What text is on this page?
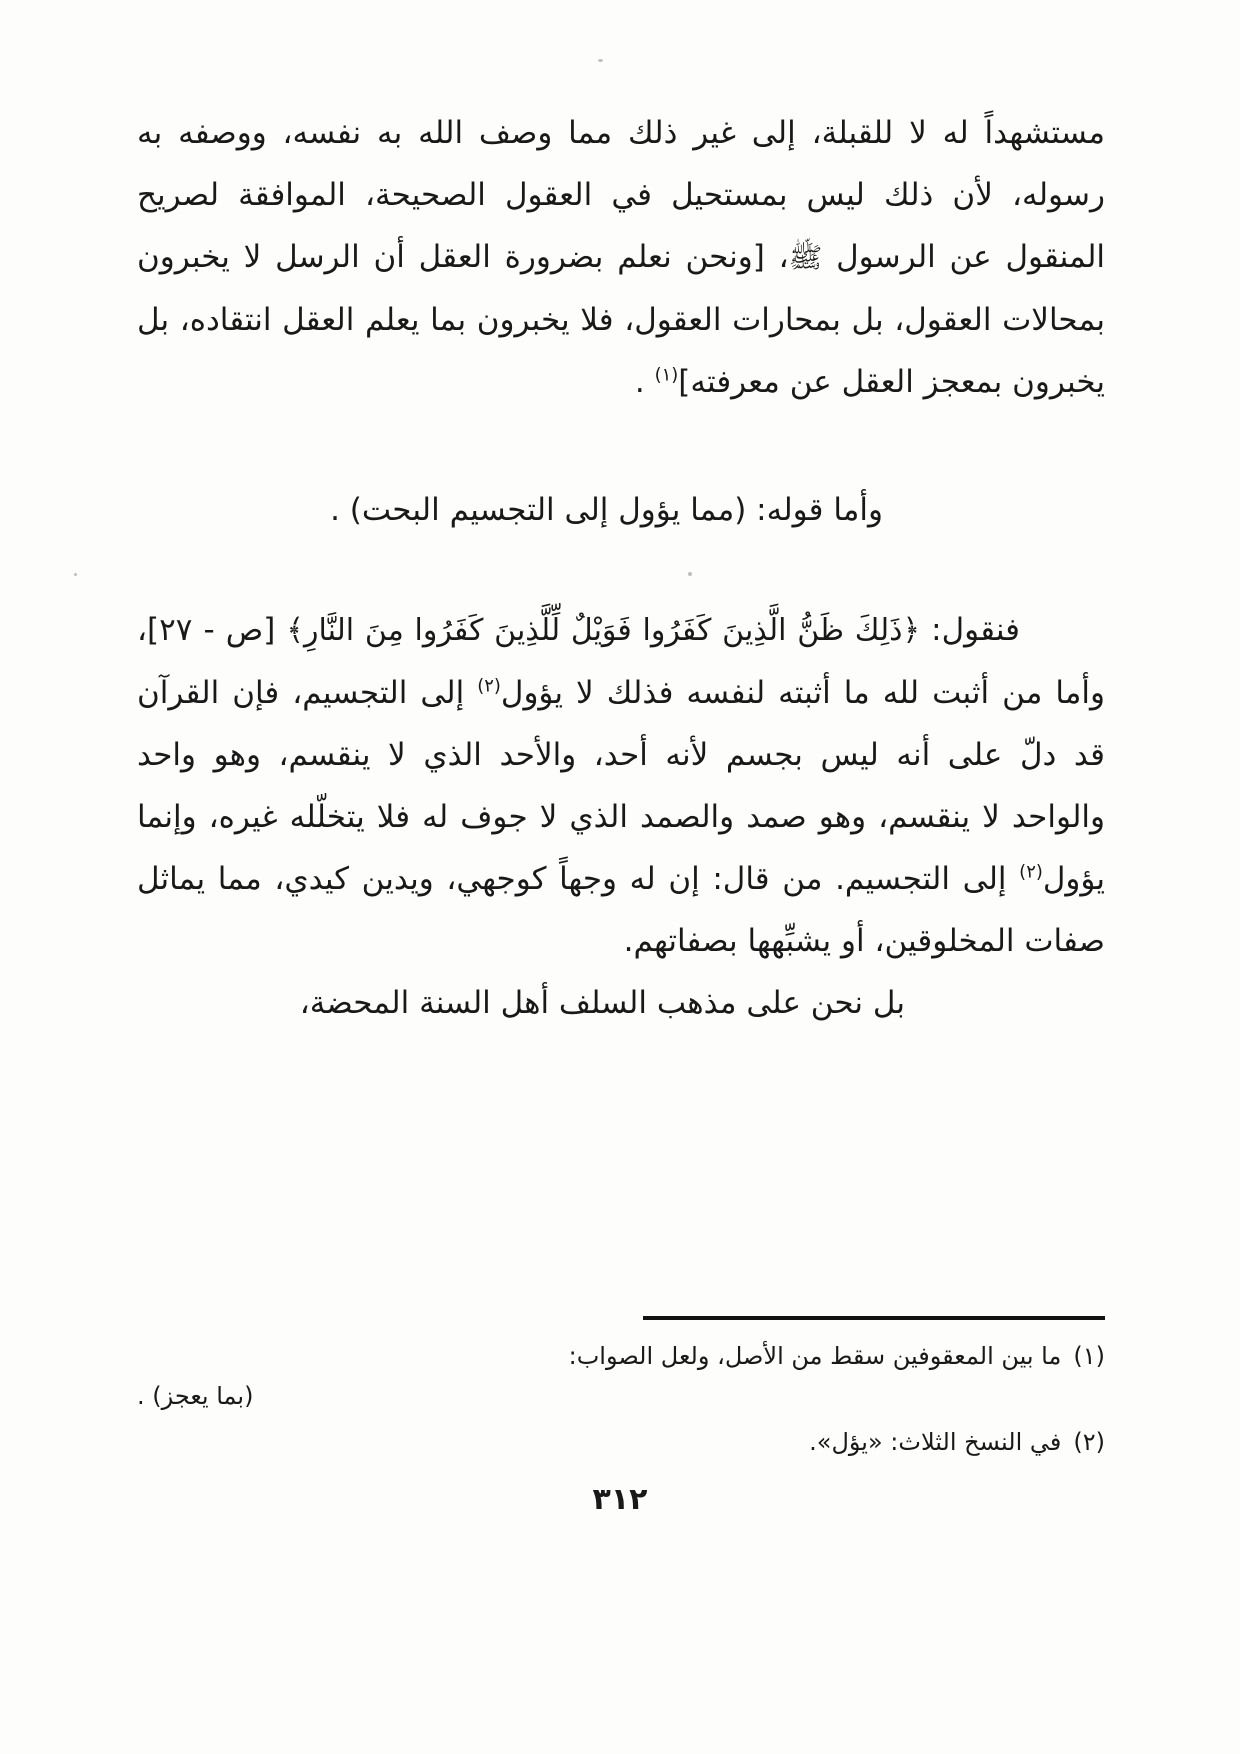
مستشهداً له لا للقبلة، إلى غير ذلك مما وصف الله به نفسه، ووصفه به رسوله، لأن ذلك ليس بمستحيل في العقول الصحيحة، الموافقة لصريح المنقول عن الرسول ﷺ، [ونحن نعلم بضرورة العقل أن الرسل لا يخبرون بمحالات العقول، بل بمحارات العقول، فلا يخبرون بما يعلم العقل انتقاده، بل يخبرون بمعجز العقل عن معرفته]$^{(١)}$ .

وأما قوله: (مما يؤول إلى التجسيم البحت) .

فنقول: ﴿ذَلِكَ ظَنُّ الَّذِينَ كَفَرُوا فَوَيْلٌ لِّلَّذِينَ كَفَرُوا مِنَ النَّارِ﴾ [ص - ٢٧]، وأما من أثبت لله ما أثبته لنفسه فذلك لا يؤول$^{(٢)}$ إلى التجسيم، فإن القرآن قد دلّ على أنه ليس بجسم لأنه أحد، والأحد الذي لا ينقسم، وهو واحد والواحد لا ينقسم، وهو صمد والصمد الذي لا جوف له فلا يتخلّله غيره، وإنما يؤول$^{(٢)}$ إلى التجسيم. من قال: إن له وجهاً كوجهي، ويدين كيدي، مما يماثل صفات المخلوقين، أو يشبِّهها بصفاتهم.

بل نحن على مذهب السلف أهل السنة المحضة،

(١)
ما بين المعقوفين سقط من الأصل، ولعل الصواب:
(بما يعجز) .
(٢)
في النسخ الثلاث: «يؤل».
٣١٢
